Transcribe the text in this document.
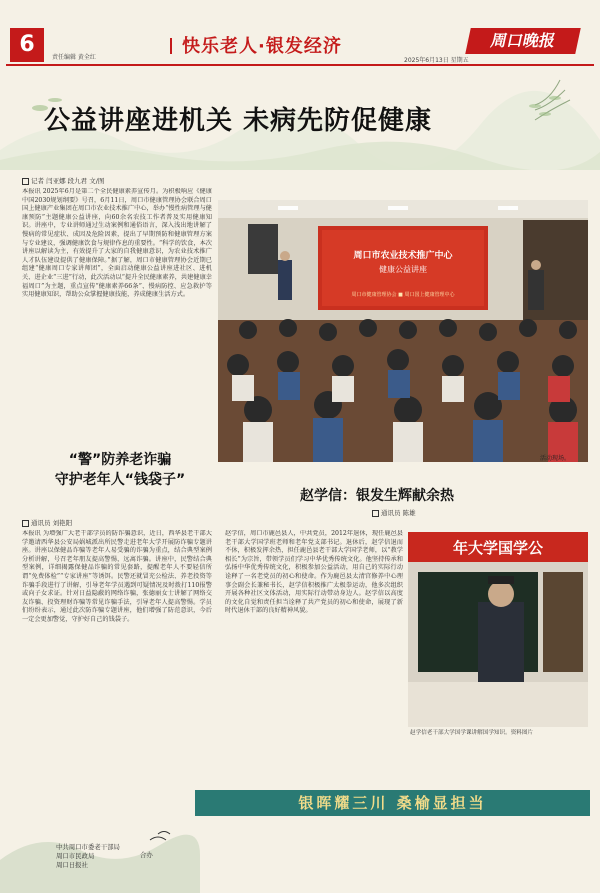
6
责任编辑 黄全红
快乐老人·银发经济	周口晚报
2025年6月13日 星期五
公益讲座进机关 未病先防促健康
记者 闫亚娜 段九君 文/图
本报讯 2025年6月是第二个全民健康素养宣传月。为积极响应《健康中国2030规划纲要》号召，6月11日，周口市健康管理协会联合周口国上健康产业集团在周口市农业技术推广中心，举办“慢性病管理与健康预防”主题健康公益讲座，向60余名农技工作者普及实用健康知识。讲座中，专业讲师通过生动案例和通俗语言，深入浅出地讲解了慢病的常见症状、成因及危险因素，提出了早期预防和健康管理方案与专业建议，强调健康饮食与规律作息的重要性。“科学的饮食，本次讲座以解读为主，有效提升了大家的自我健康意识，为农业技术推广人才队伍建设提供了健康保障。”据了解，周口市健康管理协会近期已组建“健康周口专家讲师团”，全面启动健康公益讲座进社区、进机关、进企业“三进”行动，此次活动以“提升全民健康素养，共建健康幸福周口”为主题，重点宣传“健康素养66条”、慢病防控、应急救护等实用健康知识，帮助公众掌握健康技能，养成健康生活方式。
周口市农业技术推广中心
健康公益讲座
周口市健康管理协会 ■ 周口国上健康管理中心
活动现场。
“警”防养老诈骗
守护老年人“钱袋子”
通讯员 刘艳阳
本报讯 为增强广大老干部学员的防诈骗意识，近日，西华县老干部大学邀请西华县公安局娲城派出所民警走进老年大学开展防诈骗专题讲座。讲座以保健品诈骗等老年人易受骗的诈骗为重点，结合典型案例分析讲解，号召老年朋友提高警惕，远离诈骗。讲座中，民警结合典型案例，详细揭露保健品诈骗的常见套路，提醒老年人不要轻信所谓“免费体检”“专家讲座”等诱饵。民警还就冒充公检法、养老投资等诈骗手段进行了讲解，引导老年学员遇到可疑情况及时拨打110报警或向子女求证。针对日益隐蔽的网络诈骗，张德丽女士讲解了网络交友诈骗、投资理财诈骗等常见诈骗手法，引导老年人提高警惕。学员们纷纷表示，通过此次防诈骗专题讲座，他们增强了防范意识，今后一定会更加警觉，守护好自己的钱袋子。
赵学信：银发生辉献余热
通讯员 陈雄
赵学信，周口市鹿邑县人，中共党员，2012年退休，现任鹿邑县老干部大学国学班老师和老年党支部书记。退休后，赵学信退而不休，积极发挥余热，担任鹿邑县老干部大学国学老师，以“教学相长”为宗旨，带领学员们学习中华优秀传统文化。他坚持传承和弘扬中华优秀传统文化，积极参加公益活动，用自己的实际行动诠释了一名老党员的初心和使命。作为鹿邑县太清宫修养中心理事会副会长兼秘书长，赵学信积极推广太极拳运动，他多次组织开展各种社区文体活动，用实际行动带动身边人。赵学信以高度的文化自觉和责任担当诠释了共产党员的初心和使命，展现了新时代退休干部的良好精神风貌。
年大学国学公
赵学信老干部大学国学课讲解国学知识。资料图片
银晖耀三川 桑榆显担当
中共周口市委老干部局
周口市民政局
周口日报社
合办
